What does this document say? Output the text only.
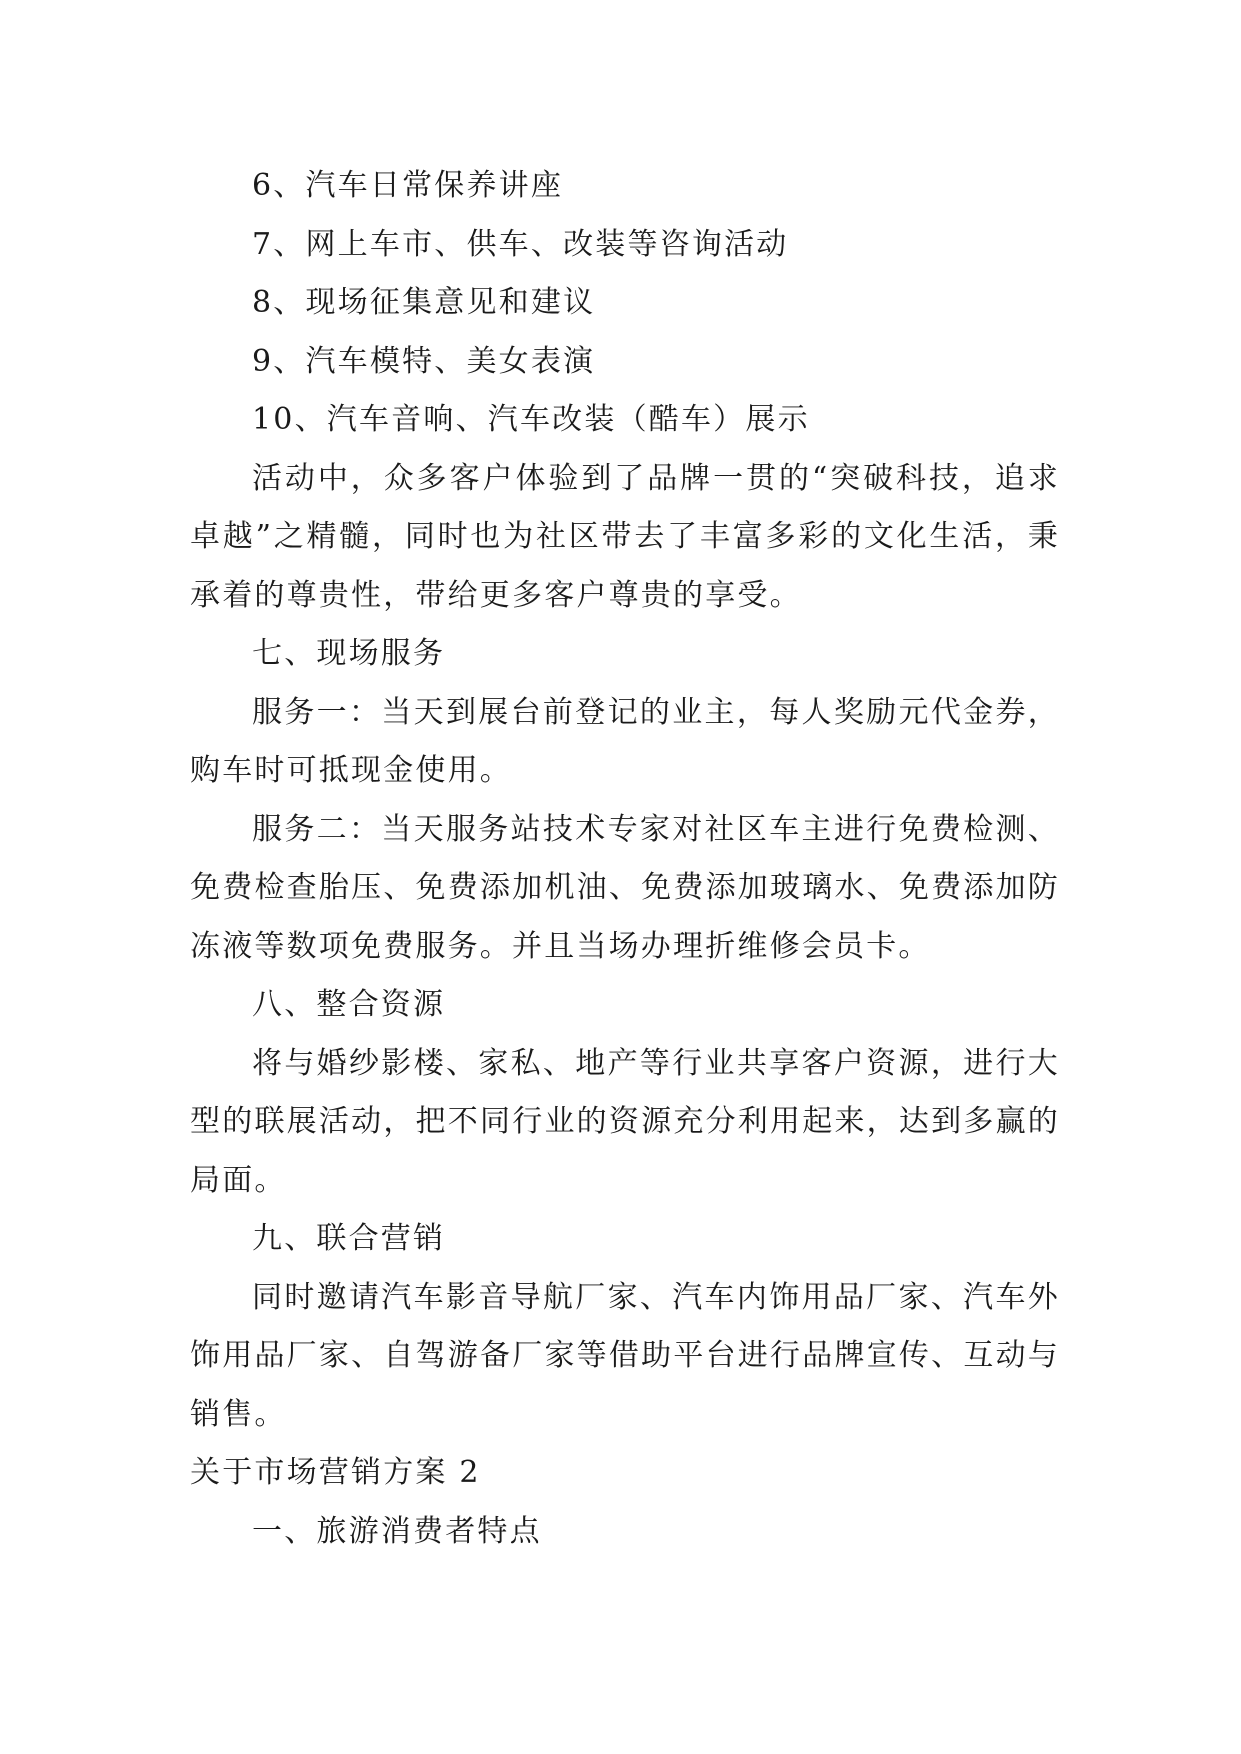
6、汽车日常保养讲座
7、网上车市、供车、改装等咨询活动
8、现场征集意见和建议
9、汽车模特、美女表演
10、汽车音响、汽车改装（酷车）展示

活动中，众多客户体验到了品牌一贯的“突破科技，追求卓越”之精髓，同时也为社区带去了丰富多彩的文化生活，秉承着的尊贵性，带给更多客户尊贵的享受。

七、现场服务

服务一：当天到展台前登记的业主，每人奖励元代金券，购车时可抵现金使用。

服务二：当天服务站技术专家对社区车主进行免费检测、免费检查胎压、免费添加机油、免费添加玻璃水、免费添加防冻液等数项免费服务。并且当场办理折维修会员卡。

八、整合资源

将与婚纱影楼、家私、地产等行业共享客户资源，进行大型的联展活动，把不同行业的资源充分利用起来，达到多赢的局面。

九、联合营销

同时邀请汽车影音导航厂家、汽车内饰用品厂家、汽车外饰用品厂家、自驾游备厂家等借助平台进行品牌宣传、互动与销售。

关于市场营销方案 2
一、旅游消费者特点
